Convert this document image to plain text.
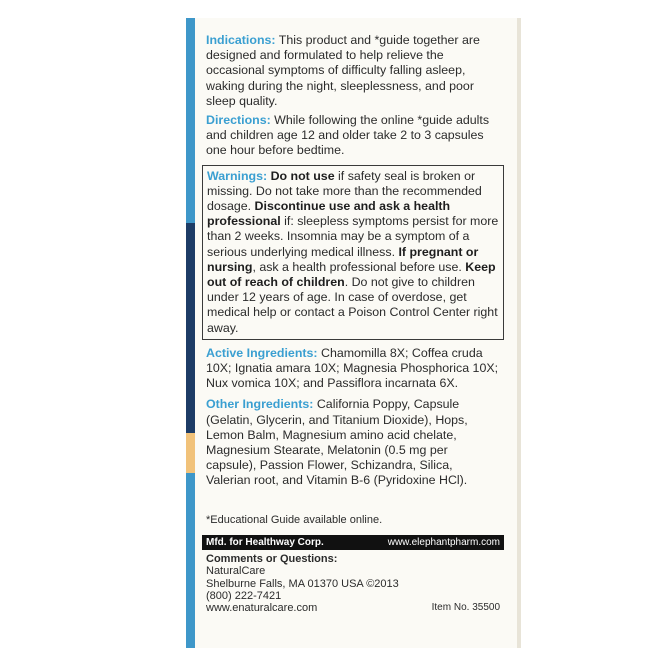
Indications: This product and *guide together are designed and formulated to help relieve the occasional symptoms of difficulty falling asleep, waking during the night, sleeplessness, and poor sleep quality.

Directions: While following the online *guide adults and children age 12 and older take 2 to 3 capsules one hour before bedtime.

Warnings: Do not use if safety seal is broken or missing. Do not take more than the recommended dosage. Discontinue use and ask a health professional if: sleepless symptoms persist for more than 2 weeks. Insomnia may be a symptom of a serious underlying medical illness. If pregnant or nursing, ask a health professional before use. Keep out of reach of children. Do not give to children under 12 years of age. In case of overdose, get medical help or contact a Poison Control Center right away.

Active Ingredients: Chamomilla 8X; Coffea cruda 10X; Ignatia amara 10X; Magnesia Phosphorica 10X; Nux vomica 10X; and Passiflora incarnata 6X.

Other Ingredients: California Poppy, Capsule (Gelatin, Glycerin, and Titanium Dioxide), Hops, Lemon Balm, Magnesium amino acid chelate, Magnesium Stearate, Melatonin (0.5 mg per capsule), Passion Flower, Schizandra, Silica, Valerian root, and Vitamin B-6 (Pyridoxine HCl).

*Educational Guide available online.

Mfd. for Healthway Corp.	www.elephantpharm.com
Comments or Questions:
NaturalCare
Shelburne Falls, MA 01370 USA ©2013
(800) 222-7421
www.enaturalcare.com	Item No. 35500
